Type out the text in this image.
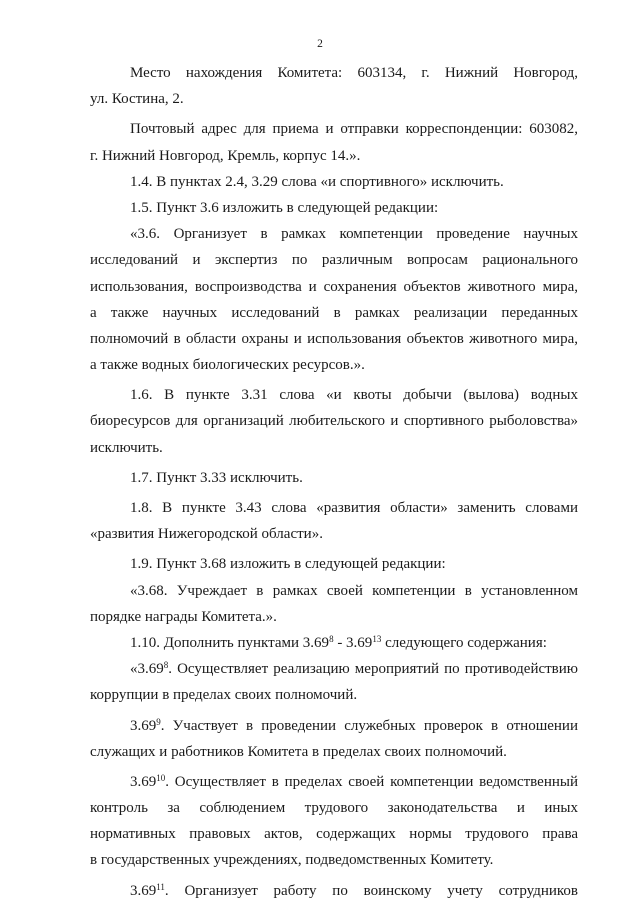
2
Место нахождения Комитета: 603134, г. Нижний Новгород,
ул. Костина, 2.
Почтовый адрес для приема и отправки корреспонденции: 603082,
г. Нижний Новгород, Кремль, корпус 14.».
1.4. В пунктах 2.4, 3.29 слова «и спортивного» исключить.
1.5. Пункт 3.6 изложить в следующей редакции:
«3.6. Организует в рамках компетенции проведение научных
исследований и экспертиз по различным вопросам рационального
использования, воспроизводства и сохранения объектов животного мира,
а также научных исследований в рамках реализации переданных
полномочий в области охраны и использования объектов животного мира,
а также водных биологических ресурсов.».
1.6. В пункте 3.31 слова «и квоты добычи (вылова) водных
биоресурсов для организаций любительского и спортивного рыболовства»
исключить.
1.7. Пункт 3.33 исключить.
1.8. В пункте 3.43 слова «развития области» заменить словами
«развития Нижегородской области».
1.9. Пункт 3.68 изложить в следующей редакции:
«3.68. Учреждает в рамках своей компетенции в установленном
порядке награды Комитета.».
1.10. Дополнить пунктами 3.69$^8$ - 3.69$^{13}$ следующего содержания:
«3.69$^8$. Осуществляет реализацию мероприятий по противодействию
коррупции в пределах своих полномочий.
3.69$^9$. Участвует в проведении служебных проверок в отношении
служащих и работников Комитета в пределах своих полномочий.
3.69$^{10}$. Осуществляет в пределах своей компетенции ведомственный
контроль за соблюдением трудового законодательства и иных
нормативных правовых актов, содержащих нормы трудового права
в государственных учреждениях, подведомственных Комитету.
3.69$^{11}$. Организует работу по воинскому учету сотрудников
